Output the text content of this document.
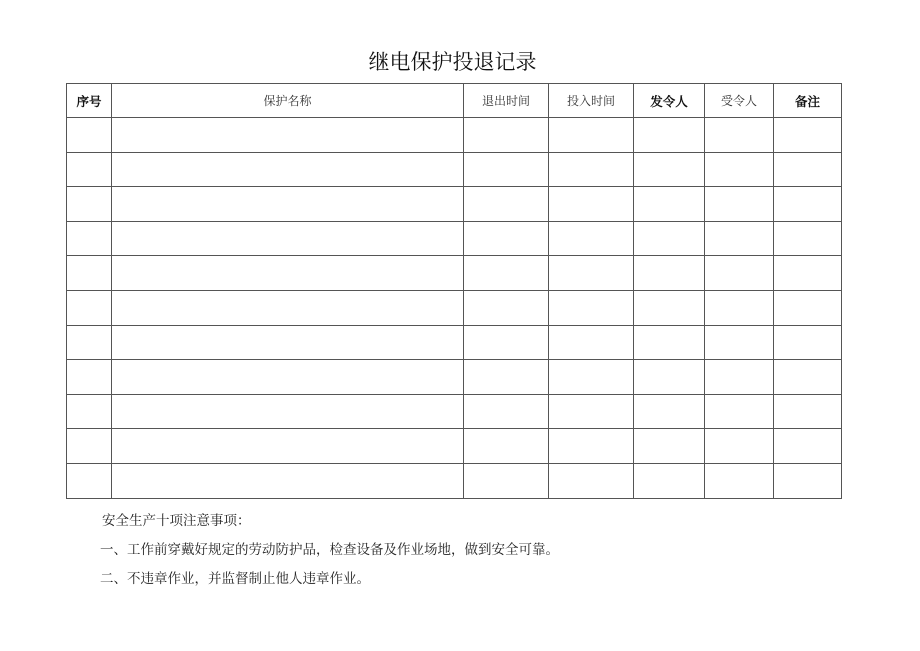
继电保护投退记录
序号	保护名称	退出时间	投入时间	发令人	受令人	备注

安全生产十项注意事项：
一、工作前穿戴好规定的劳动防护品，检查设备及作业场地，做到安全可靠。
二、不违章作业，并监督制止他人违章作业。
